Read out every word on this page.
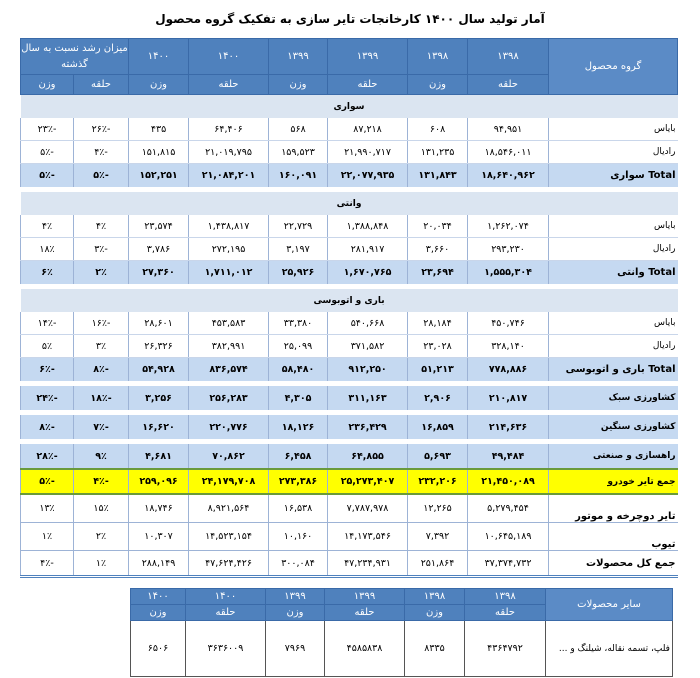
آمار تولید سال ۱۴۰۰ کارخانجات تایر سازی به تفکیک گروه محصول
گروه محصول	۱۳۹۸	۱۳۹۸	۱۳۹۹	۱۳۹۹	۱۴۰۰	۱۴۰۰	میزان رشد نسبت به سال گذشته	
	حلقه	وزن	حلقه	وزن	حلقه	وزن	حلقه	وزن
سواری								
بایاس	۹۴,۹۵۱	۶۰۸	۸۷,۲۱۸	۵۶۸	۶۴,۴۰۶	۴۳۵	-۲۶٪	-۲۳٪
رادیال	۱۸,۵۴۶,۰۱۱	۱۳۱,۲۳۵	۲۱,۹۹۰,۷۱۷	۱۵۹,۵۲۳	۲۱,۰۱۹,۷۹۵	۱۵۱,۸۱۵	-۴٪	-۵٪
Total سواری	۱۸,۶۴۰,۹۶۲	۱۳۱,۸۴۳	۲۲,۰۷۷,۹۳۵	۱۶۰,۰۹۱	۲۱,۰۸۴,۲۰۱	۱۵۲,۲۵۱	-۵٪	-۵٪

وانتی								
بایاس	۱,۲۶۲,۰۷۴	۲۰,۰۳۴	۱,۳۸۸,۸۴۸	۲۲,۷۲۹	۱,۴۳۸,۸۱۷	۲۳,۵۷۴	۴٪	۴٪
رادیال	۲۹۳,۲۳۰	۳,۶۶۰	۲۸۱,۹۱۷	۳,۱۹۷	۲۷۲,۱۹۵	۳,۷۸۶	-۳٪	۱۸٪
Total وانتی	۱,۵۵۵,۳۰۴	۲۳,۶۹۴	۱,۶۷۰,۷۶۵	۲۵,۹۲۶	۱,۷۱۱,۰۱۲	۲۷,۳۶۰	۲٪	۶٪

باری و اتوبوسی								
بایاس	۴۵۰,۷۴۶	۲۸,۱۸۴	۵۴۰,۶۶۸	۳۳,۳۸۰	۴۵۳,۵۸۳	۲۸,۶۰۱	-۱۶٪	-۱۴٪
رادیال	۳۲۸,۱۴۰	۲۳,۰۲۸	۳۷۱,۵۸۲	۲۵,۰۹۹	۳۸۲,۹۹۱	۲۶,۳۲۶	۳٪	۵٪
Total باری و اتوبوسی	۷۷۸,۸۸۶	۵۱,۲۱۳	۹۱۲,۲۵۰	۵۸,۴۸۰	۸۳۶,۵۷۴	۵۴,۹۲۸	-۸٪	-۶٪

کشاورزی سبک	۲۱۰,۸۱۷	۲,۹۰۶	۳۱۱,۱۶۳	۴,۳۰۵	۲۵۶,۲۸۳	۳,۲۵۶	-۱۸٪	-۲۴٪

کشاورزی سنگین	۲۱۴,۶۳۶	۱۶,۸۵۹	۲۳۶,۴۲۹	۱۸,۱۲۶	۲۲۰,۷۷۶	۱۶,۶۲۰	-۷٪	-۸٪

راهسازی و صنعتی	۴۹,۴۸۴	۵,۶۹۳	۶۴,۸۵۵	۶,۴۵۸	۷۰,۸۶۲	۴,۶۸۱	۹٪	-۲۸٪
جمع تایر خودرو	۲۱,۴۵۰,۰۸۹	۲۳۲,۲۰۶	۲۵,۲۷۳,۴۰۷	۲۷۳,۳۸۶	۲۴,۱۷۹,۷۰۸	۲۵۹,۰۹۶	-۴٪	-۵٪
تایر دوچرخه و موتور	۵,۲۷۹,۴۵۴	۱۲,۲۶۵	۷,۷۸۷,۹۷۸	۱۶,۵۳۸	۸,۹۲۱,۵۶۴	۱۸,۷۴۶	۱۵٪	۱۳٪
تیوب	۱۰,۶۴۵,۱۸۹	۷,۳۹۲	۱۴,۱۷۳,۵۴۶	۱۰,۱۶۰	۱۴,۵۲۳,۱۵۴	۱۰,۳۰۷	۲٪	۱٪
جمع کل محصولات	۳۷,۳۷۴,۷۳۲	۲۵۱,۸۶۴	۴۷,۲۳۴,۹۳۱	۳۰۰,۰۸۴	۴۷,۶۲۴,۴۲۶	۲۸۸,۱۴۹	۱٪	-۴٪
سایر محصولات	۱۳۹۸	۱۳۹۸	۱۳۹۹	۱۳۹۹	۱۴۰۰	۱۴۰۰
	حلقه	وزن	حلقه	وزن	حلقه	وزن
فلپ، تسمه نقاله، شیلنگ و ...	۴۳۶۴۷۹۲	۸۳۳۵	۴۵۸۵۸۳۸	۷۹۶۹	۳۶۳۶۰۰۹	۶۵۰۶
